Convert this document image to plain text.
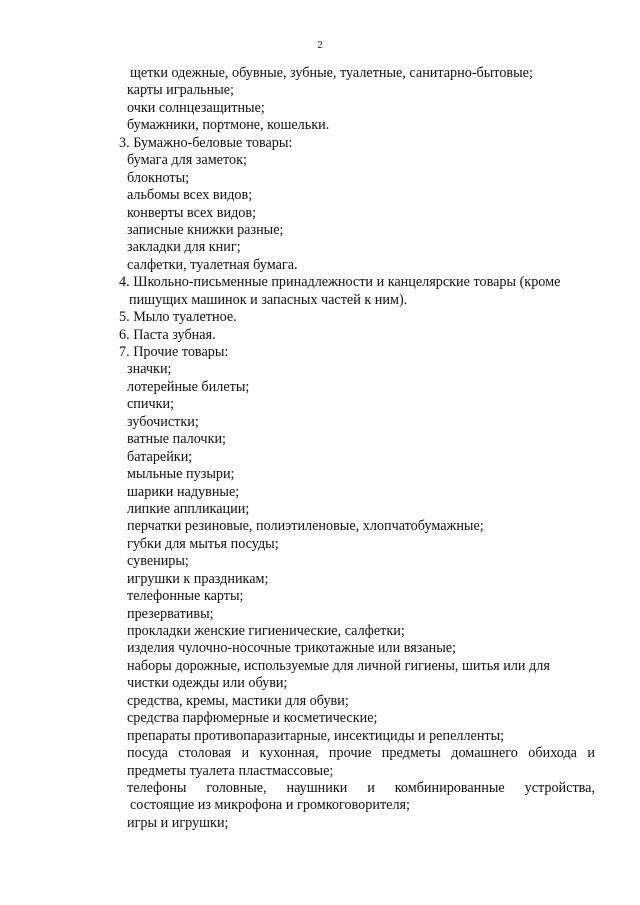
2
щетки одежные, обувные, зубные, туалетные, санитарно-бытовые;
карты игральные;
очки солнцезащитные;
бумажники, портмоне, кошельки.
3. Бумажно-беловые товары:
бумага для заметок;
блокноты;
альбомы всех видов;
конверты всех видов;
записные книжки разные;
закладки для книг;
салфетки, туалетная бумага.
4. Школьно-письменные принадлежности и канцелярские товары (кроме
пишущих машинок и запасных частей к ним).
5. Мыло туалетное.
6. Паста зубная.
7. Прочие товары:
значки;
лотерейные билеты;
спички;
зубочистки;
ватные палочки;
батарейки;
мыльные пузыри;
шарики надувные;
липкие аппликации;
перчатки резиновые, полиэтиленовые, хлопчатобумажные;
губки для мытья посуды;
сувениры;
игрушки к праздникам;
телефонные карты;
презервативы;
прокладки женские гигиенические, салфетки;
изделия чулочно-носочные трикотажные или вязаные;
наборы дорожные, используемые для личной гигиены, шитья или для
чистки одежды или обуви;
средства, кремы, мастики для обуви;
средства парфюмерные и косметические;
препараты противопаразитарные, инсектициды и репелленты;
посуда столовая и кухонная, прочие предметы домашнего обихода и
предметы туалета пластмассовые;
телефоны головные, наушники и комбинированные устройства,
состоящие из микрофона и громкоговорителя;
игры и игрушки;
